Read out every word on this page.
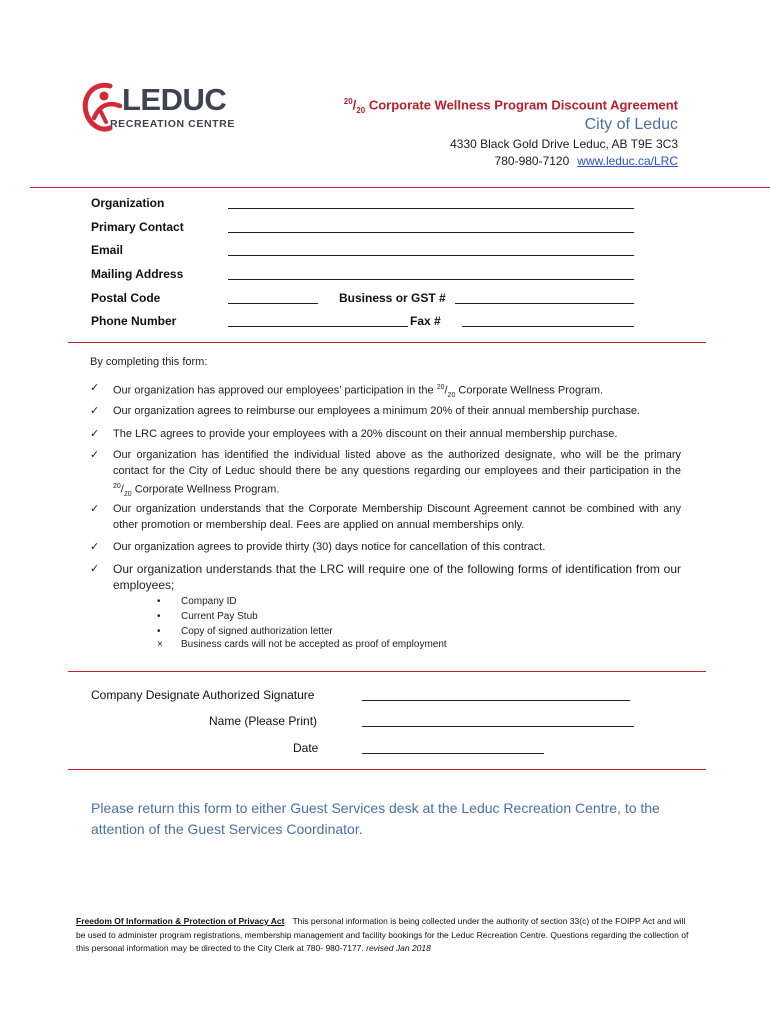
LEDUC
RECREATION CENTRE
$^{20}/_{20}$ Corporate Wellness Program Discount Agreement
City of Leduc
4330 Black Gold Drive Leduc, AB T9E 3C3
780-980-7120 www.leduc.ca/LRC
Organization
Primary Contact
Email
Mailing Address
Postal Code	Business or GST #
Phone Number	Fax #
By completing this form:
✓ Our organization has approved our employees’ participation in the $^{20}/_{20}$ Corporate Wellness Program.
✓ Our organization agrees to reimburse our employees a minimum 20% of their annual membership purchase.
✓ The LRC agrees to provide your employees with a 20% discount on their annual membership purchase.
✓ Our organization has identified the individual listed above as the authorized designate, who will be the primary contact for the City of Leduc should there be any questions regarding our employees and their participation in the $^{20}/_{20}$ Corporate Wellness Program.
✓ Our organization understands that the Corporate Membership Discount Agreement cannot be combined with any other promotion or membership deal. Fees are applied on annual memberships only.
✓ Our organization agrees to provide thirty (30) days notice for cancellation of this contract.
✓ Our organization understands that the LRC will require one of the following forms of identification from our employees;
• Company ID
• Current Pay Stub
• Copy of signed authorization letter
× Business cards will not be accepted as proof of employment
Company Designate Authorized Signature
Name (Please Print)
Date
Please return this form to either Guest Services desk at the Leduc Recreation Centre, to the attention of the Guest Services Coordinator.
Freedom Of Information & Protection of Privacy Act This personal information is being collected under the authority of section 33(c) of the FOIPP Act and will be used to administer program registrations, membership management and facility bookings for the Leduc Recreation Centre. Questions regarding the collection of this personal information may be directed to the City Clerk at 780- 980-7177. revised Jan 2018
